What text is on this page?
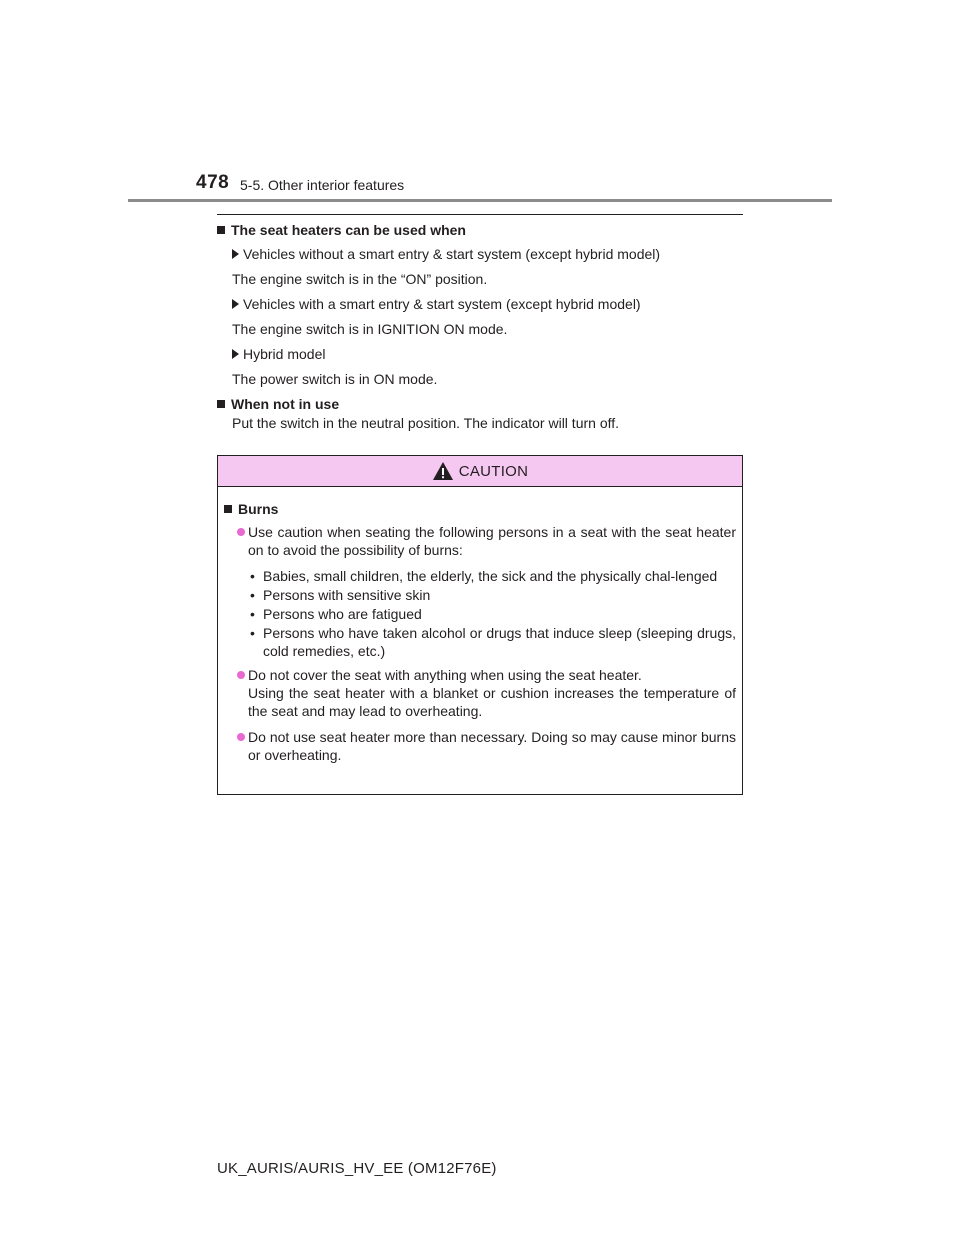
478 5-5. Other interior features
The seat heaters can be used when
Vehicles without a smart entry & start system (except hybrid model)
The engine switch is in the “ON” position.
Vehicles with a smart entry & start system (except hybrid model)
The engine switch is in IGNITION ON mode.
Hybrid model
The power switch is in ON mode.
When not in use
Put the switch in the neutral position. The indicator will turn off.
CAUTION
Burns
Use caution when seating the following persons in a seat with the seat heater on to avoid the possibility of burns:
• Babies, small children, the elderly, the sick and the physically chal-lenged
• Persons with sensitive skin
• Persons who are fatigued
• Persons who have taken alcohol or drugs that induce sleep (sleeping drugs, cold remedies, etc.)
Do not cover the seat with anything when using the seat heater.
Using the seat heater with a blanket or cushion increases the temperature of the seat and may lead to overheating.
Do not use seat heater more than necessary. Doing so may cause minor burns or overheating.
UK_AURIS/AURIS_HV_EE (OM12F76E)
